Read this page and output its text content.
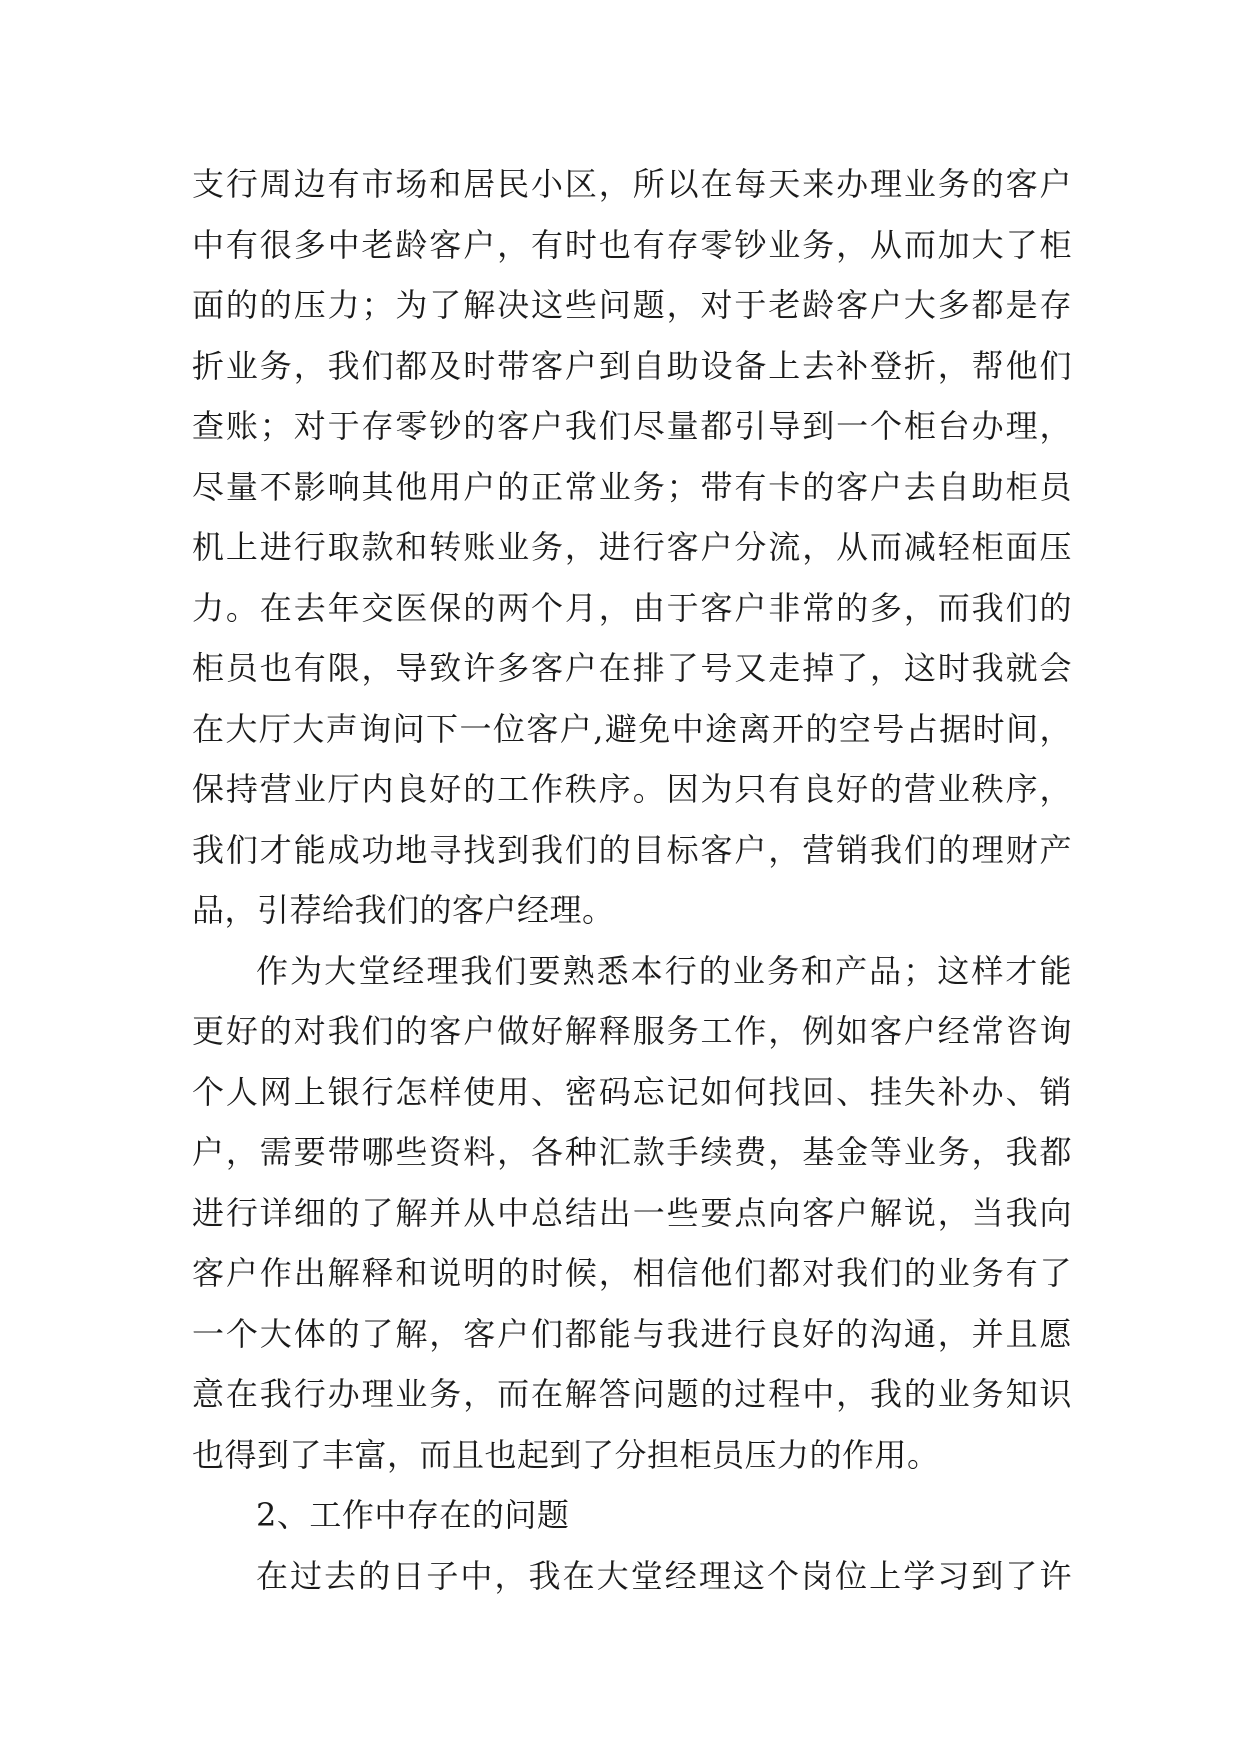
支行周边有市场和居民小区，所以在每天来办理业务的客户
中有很多中老龄客户，有时也有存零钞业务，从而加大了柜
面的的压力；为了解决这些问题，对于老龄客户大多都是存
折业务，我们都及时带客户到自助设备上去补登折，帮他们
查账；对于存零钞的客户我们尽量都引导到一个柜台办理，
尽量不影响其他用户的正常业务；带有卡的客户去自助柜员
机上进行取款和转账业务，进行客户分流，从而减轻柜面压
力。在去年交医保的两个月，由于客户非常的多，而我们的
柜员也有限，导致许多客户在排了号又走掉了，这时我就会
在大厅大声询问下一位客户,避免中途离开的空号占据时间，
保持营业厅内良好的工作秩序。因为只有良好的营业秩序，
我们才能成功地寻找到我们的目标客户，营销我们的理财产
品，引荐给我们的客户经理。
作为大堂经理我们要熟悉本行的业务和产品；这样才能
更好的对我们的客户做好解释服务工作，例如客户经常咨询
个人网上银行怎样使用、密码忘记如何找回、挂失补办、销
户，需要带哪些资料，各种汇款手续费，基金等业务，我都
进行详细的了解并从中总结出一些要点向客户解说，当我向
客户作出解释和说明的时候，相信他们都对我们的业务有了
一个大体的了解，客户们都能与我进行良好的沟通，并且愿
意在我行办理业务，而在解答问题的过程中，我的业务知识
也得到了丰富，而且也起到了分担柜员压力的作用。
2、工作中存在的问题
在过去的日子中，我在大堂经理这个岗位上学习到了许
